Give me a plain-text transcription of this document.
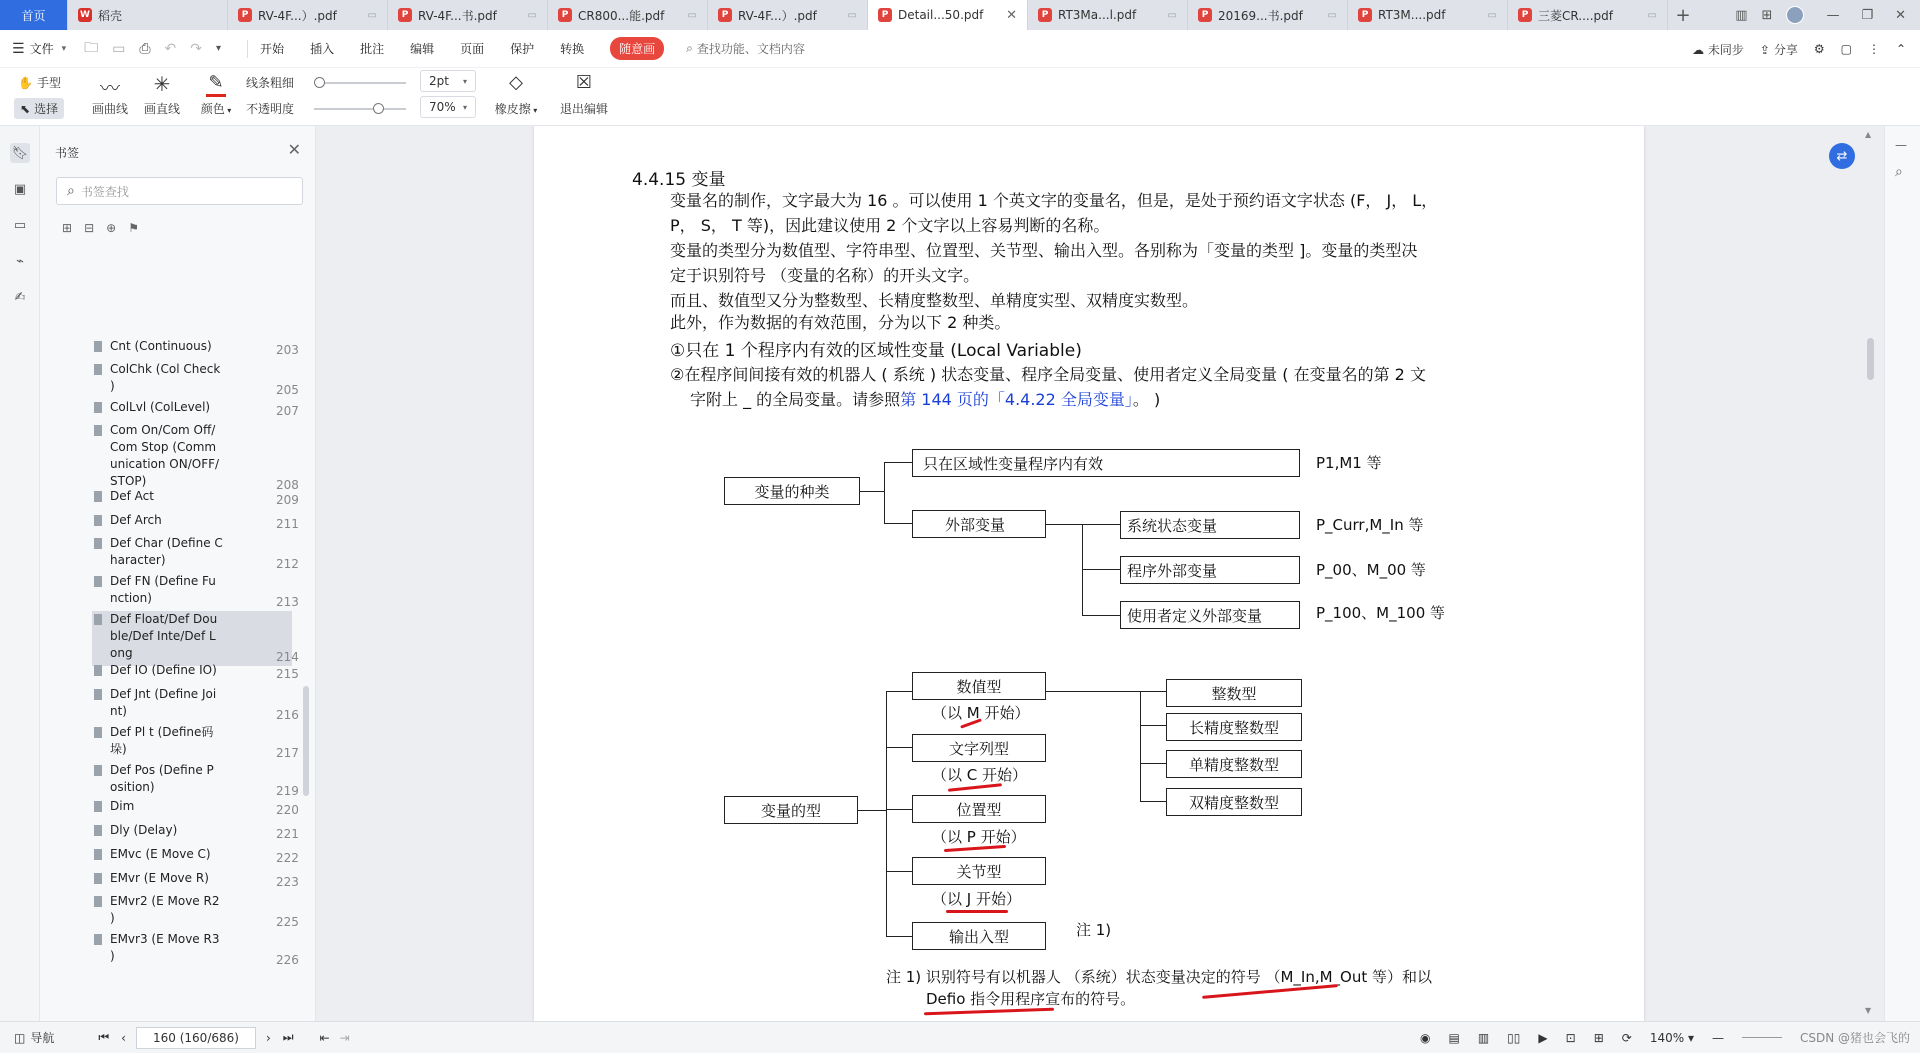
首页	W 稻壳	P RV-4F...）.pdf	▭	P RV-4F...书.pdf	▭	P CR800...能.pdf ▭	P RV-4F...）.pdf	▭	P Detail...50.pdf ✕	P RT3Ma...l.pdf	▭	P 20169...书.pdf ▭	P RT3M....pdf	▭	P 三菱CR....pdf	▭	+	▥ ⊞	— ❐ ✕
☰ 文件 ▾ 🗀 ▭ ⎙ ↶ ↷ ▾	开始 插入 批注 编辑 页面 保护 转换	随意画	⌕ 查找功能、文档内容	☁ 未同步 ⇪ 分享 ⚙ ▢ ⋮ ⌃
✋ 手型
⬉ 选择
〰
画曲线
✳
画直线
✎
颜色 ▾
线条粗细
不透明度
2pt ▾
70% ▾
◇
橡皮擦 ▾
☒
退出编辑
🔖︎
▣
▭
⌁
✍
书签	✕
⌕ 书签查找
⊞ ⊟ ⊕ ⚑
Cnt (Continuous)	203
ColChk (Col Check
)	205
ColLvl (ColLevel)	207
Com On/Com Off/
Com Stop (Comm
unication ON/OFF/
STOP)	208
Def Act	209
Def Arch	211
Def Char (Define C
haracter)	212
Def FN (Define Fu
nction)	213
Def Float/Def Dou
ble/Def Inte/Def L
ong	214
Def IO (Define IO)	215
Def Jnt (Define Joi
nt)	216
Def Pl t (Define码
垛)	217
Def Pos (Define P
osition)	219
Dim	220
Dly (Delay)	221
EMvc (E Move C)	222
EMvr (E Move R)	223
EMvr2 (E Move R2
)	225
EMvr3 (E Move R3
)	226
4.4.15 变量
变量名的制作，文字最大为 16 。可以使用 1 个英文字的变量名，但是，是处于预约语文字状态 (F， J， L，
P， S， T 等)，因此建议使用 2 个文字以上容易判断的名称。
变量的类型分为数值型、字符串型、位置型、关节型、输出入型。各别称为「变量的类型 ]。变量的类型决
定于识别符号 （变量的名称）的开头文字。
而且、数值型又分为整数型、长精度整数型、单精度实型、双精度实数型。
此外，作为数据的有效范围，分为以下 2 种类。
①只在 1 个程序内有效的区域性变量 (Local Variable)
②在程序间间接有效的机器人 ( 系统 ) 状态变量、程序全局变量、使用者定义全局变量 ( 在变量名的第 2 文
字附上 _ 的全局变量。请参照第 144 页的「4.4.22 全局变量」。 )
变量的种类
只在区域性变量程序内有效	P1,M1 等
外部变量	系统状态变量	P_Curr,M_In 等
程序外部变量	P_00、M_00 等
使用者定义外部变量	P_100、M_100 等
变量的型
数值型
（以 M 开始）
文字列型
（以 C 开始）
位置型
（以 P 开始）
关节型
（以 J 开始）
输出入型	注 1)
整数型
长精度整数型
单精度整数型
双精度整数型
注 1) 识别符号有以机器人 （系统）状态变量决定的符号 （M_In,M_Out 等）和以
Defio 指令用程序宣布的符号。
⇄
▲
▼
—
⌕
◫ 导航	⏮ ‹ 160 (160/686) › ⏭ ⇤ ⇥	◉ ▤ ▥ ▯▯ ▶ ⊡ ⊞ ⟳ 140% ▾ —	CSDN @猪也会飞的
